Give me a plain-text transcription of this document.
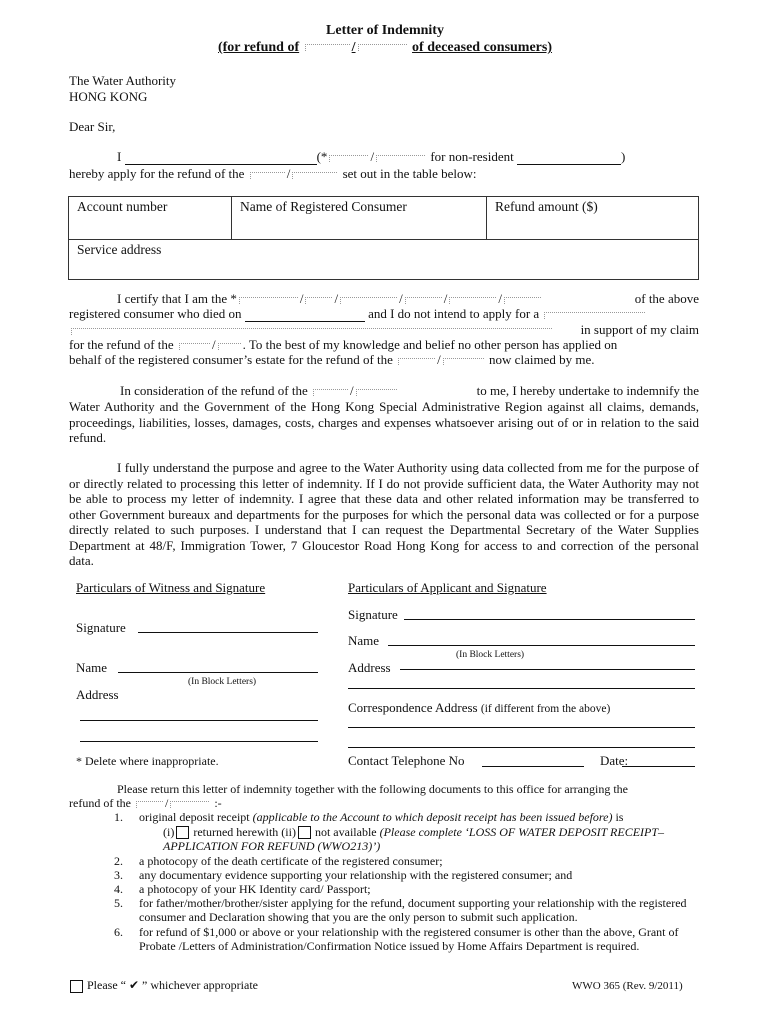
Letter of Indemnity
(for refund of	/	of deceased consumers)
The Water Authority
HONG KONG
Dear Sir,
I	(*	/	for non-resident	)
hereby apply for the refund of the	/	set out in the table below:
Account number	Name of Registered Consumer	Refund amount ($)
Service address
I certify that I am the *	/ /	/	/	/	of the above
registered consumer who died on	and I do not intend to apply for a
in support of my claim
for the refund of the	/ . To the best of my knowledge and belief no other person has applied on
behalf of the registered consumer’s estate for the refund of the	/	now claimed by me.
In consideration of the refund of the	/	to me, I hereby undertake to indemnify the
Water Authority and the Government of the Hong Kong Special Administrative Region against all claims, demands, proceedings, liabilities, losses, damages, costs, charges and expenses whatsoever arising out of or in relation to the said refund.
I fully understand the purpose and agree to the Water Authority using data collected from me for the purpose of or directly related to processing this letter of indemnity. If I do not provide sufficient data, the Water Authority may not be able to process my letter of indemnity. I agree that these data and other related information may be transferred to other Government bureaux and departments for the purposes for which the personal data was collected or for a purpose directly related to such purposes. I understand that I can request the Departmental Secretary of the Water Supplies Department at 48/F, Immigration Tower, 7 Gloucestor Road Hong Kong for access to and correction of the personal data.
Particulars of Witness and Signature
Signature
Name
(In Block Letters)
Address
* Delete where inappropriate.
Particulars of Applicant and Signature
Signature
Name
(In Block Letters)
Address
Correspondence Address (if different from the above)
Contact Telephone No	Date:
Please return this letter of indemnity together with the following documents to this office for arranging the
refund of the	/	:-
1.	original deposit receipt (applicable to the Account to which deposit receipt has been issued before) is
(i) returned herewith (ii) not available (Please complete ‘LOSS OF WATER DEPOSIT RECEIPT–
APPLICATION FOR REFUND (WWO213)’)
2.	a photocopy of the death certificate of the registered consumer;
3.	any documentary evidence supporting your relationship with the registered consumer; and
4.	a photocopy of your HK Identity card/ Passport;
5.	for father/mother/brother/sister applying for the refund, document supporting your relationship with the registered consumer and Declaration showing that you are the only person to submit such application.
6.	for refund of $1,000 or above or your relationship with the registered consumer is other than the above, Grant of Probate /Letters of Administration/Confirmation Notice issued by Home Affairs Department is required.
Please “ ✔ ” whichever appropriate	WWO 365 (Rev. 9/2011)
